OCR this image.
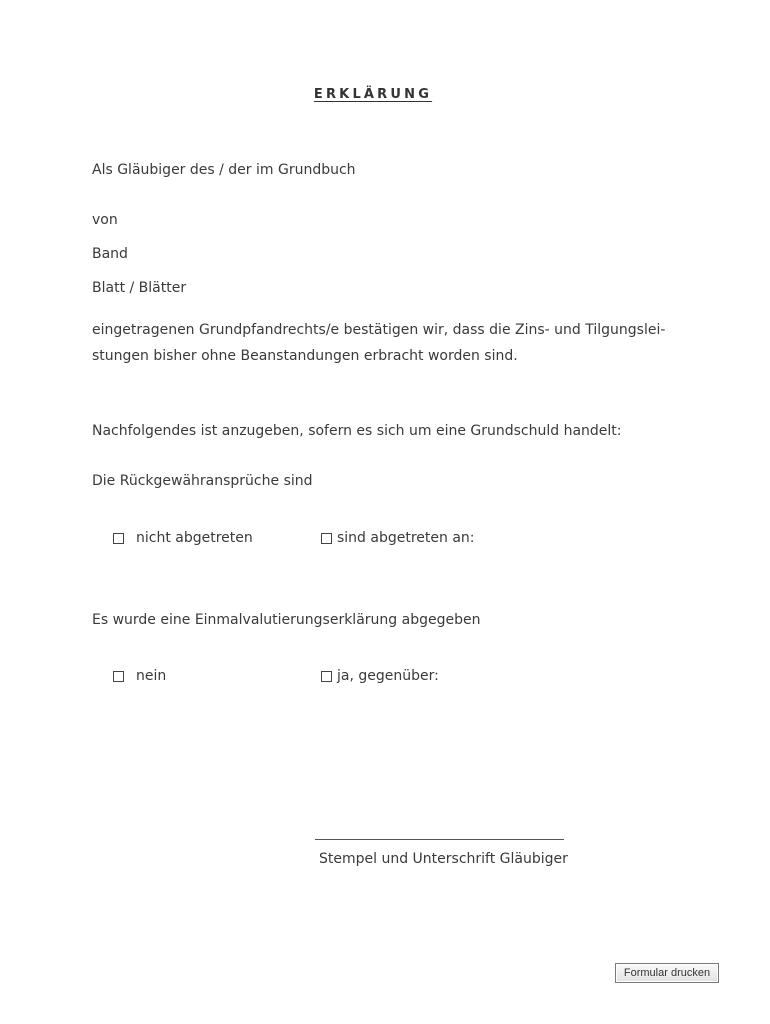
ERKLÄRUNG
Als Gläubiger des / der im Grundbuch
von
Band
Blatt / Blätter
eingetragenen Grundpfandrechts/e bestätigen wir, dass die Zins- und Tilgungslei-
stungen bisher ohne Beanstandungen erbracht worden sind.
Nachfolgendes ist anzugeben, sofern es sich um eine Grundschuld handelt:
Die Rückgewähransprüche sind
nicht abgetreten	sind abgetreten an:
Es wurde eine Einmalvalutierungserklärung abgegeben
nein	ja, gegenüber:
Stempel und Unterschrift Gläubiger
Formular drucken
